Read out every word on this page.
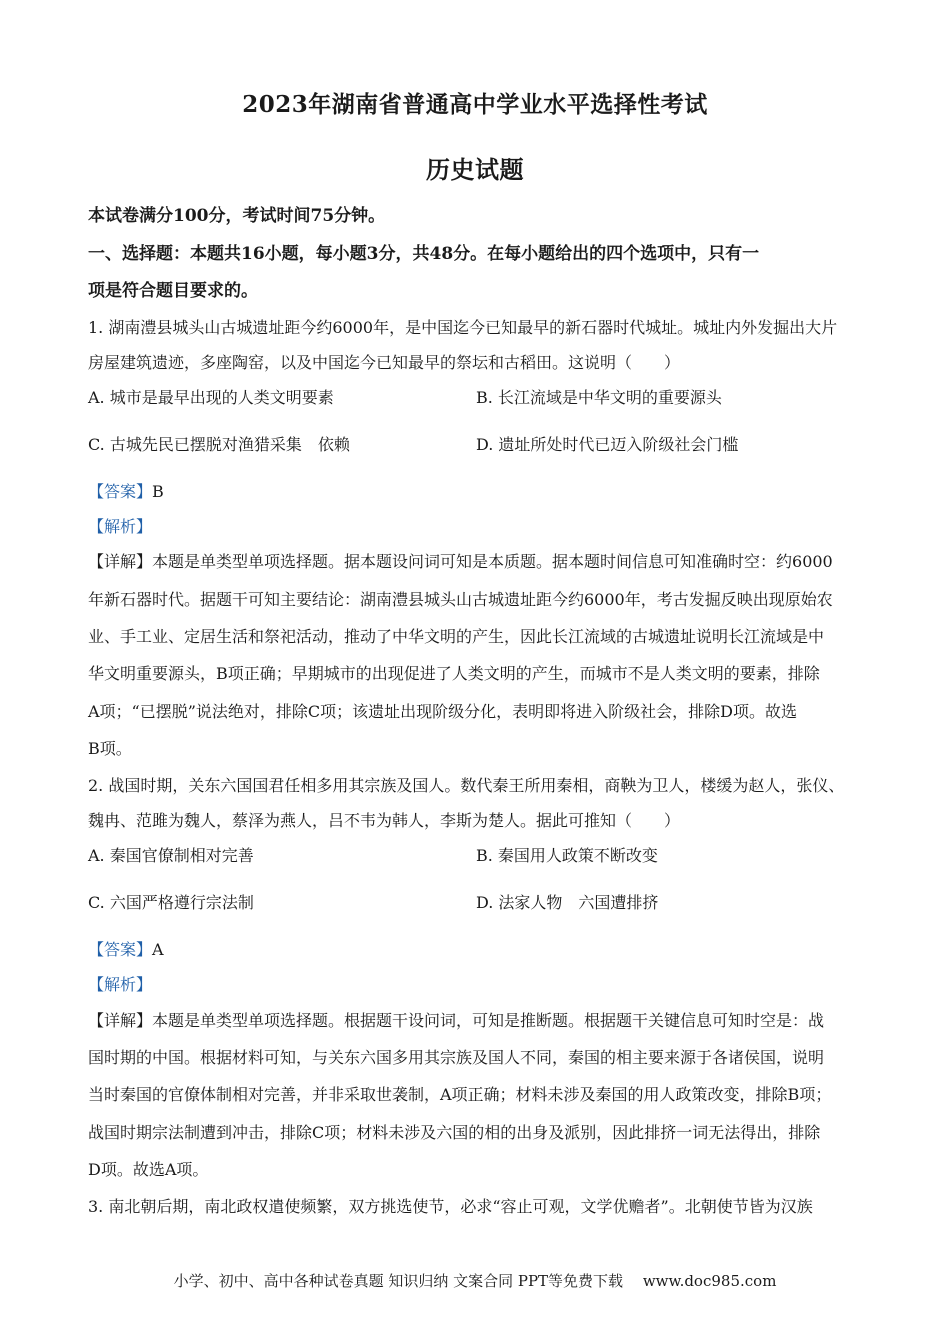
2023年湖南省普通高中学业水平选择性考试
历史试题
本试卷满分100分，考试时间75分钟。
一、选择题：本题共16小题，每小题3分，共48分。在每小题给出的四个选项中，只有一
项是符合题目要求的。
1. 湖南澧县城头山古城遗址距今约6000年，是中国迄今已知最早的新石器时代城址。城址内外发掘出大片
房屋建筑遗迹，多座陶窑，以及中国迄今已知最早的祭坛和古稻田。这说明（　　）
A. 城市是最早出现的人类文明要素	B. 长江流域是中华文明的重要源头
C. 古城先民已摆脱对渔猎采集　依赖	D. 遗址所处时代已迈入阶级社会门槛
【答案】B
【解析】
【详解】本题是单类型单项选择题。据本题设问词可知是本质题。据本题时间信息可知准确时空：约6000
年新石器时代。据题干可知主要结论：湖南澧县城头山古城遗址距今约6000年，考古发掘反映出现原始农
业、手工业、定居生活和祭祀活动，推动了中华文明的产生，因此长江流域的古城遗址说明长江流域是中
华文明重要源头，B项正确；早期城市的出现促进了人类文明的产生，而城市不是人类文明的要素，排除
A项；“已摆脱”说法绝对，排除C项；该遗址出现阶级分化，表明即将进入阶级社会，排除D项。故选
B项。
2. 战国时期，关东六国国君任相多用其宗族及国人。数代秦王所用秦相，商鞅为卫人，楼缓为赵人，张仪、
魏冉、范雎为魏人，蔡泽为燕人，吕不韦为韩人，李斯为楚人。据此可推知（　　）
A. 秦国官僚制相对完善	B. 秦国用人政策不断改变
C. 六国严格遵行宗法制	D. 法家人物　六国遭排挤
【答案】A
【解析】
【详解】本题是单类型单项选择题。根据题干设问词，可知是推断题。根据题干关键信息可知时空是：战
国时期的中国。根据材料可知，与关东六国多用其宗族及国人不同，秦国的相主要来源于各诸侯国，说明
当时秦国的官僚体制相对完善，并非采取世袭制，A项正确；材料未涉及秦国的用人政策改变，排除B项；
战国时期宗法制遭到冲击，排除C项；材料未涉及六国的相的出身及派别，因此排挤一词无法得出，排除
D项。故选A项。
3. 南北朝后期，南北政权遣使频繁，双方挑选使节，必求“容止可观，文学优赡者”。北朝使节皆为汉族
小学、初中、高中各种试卷真题 知识归纳 文案合同 PPT等免费下载　 www.doc985.com
